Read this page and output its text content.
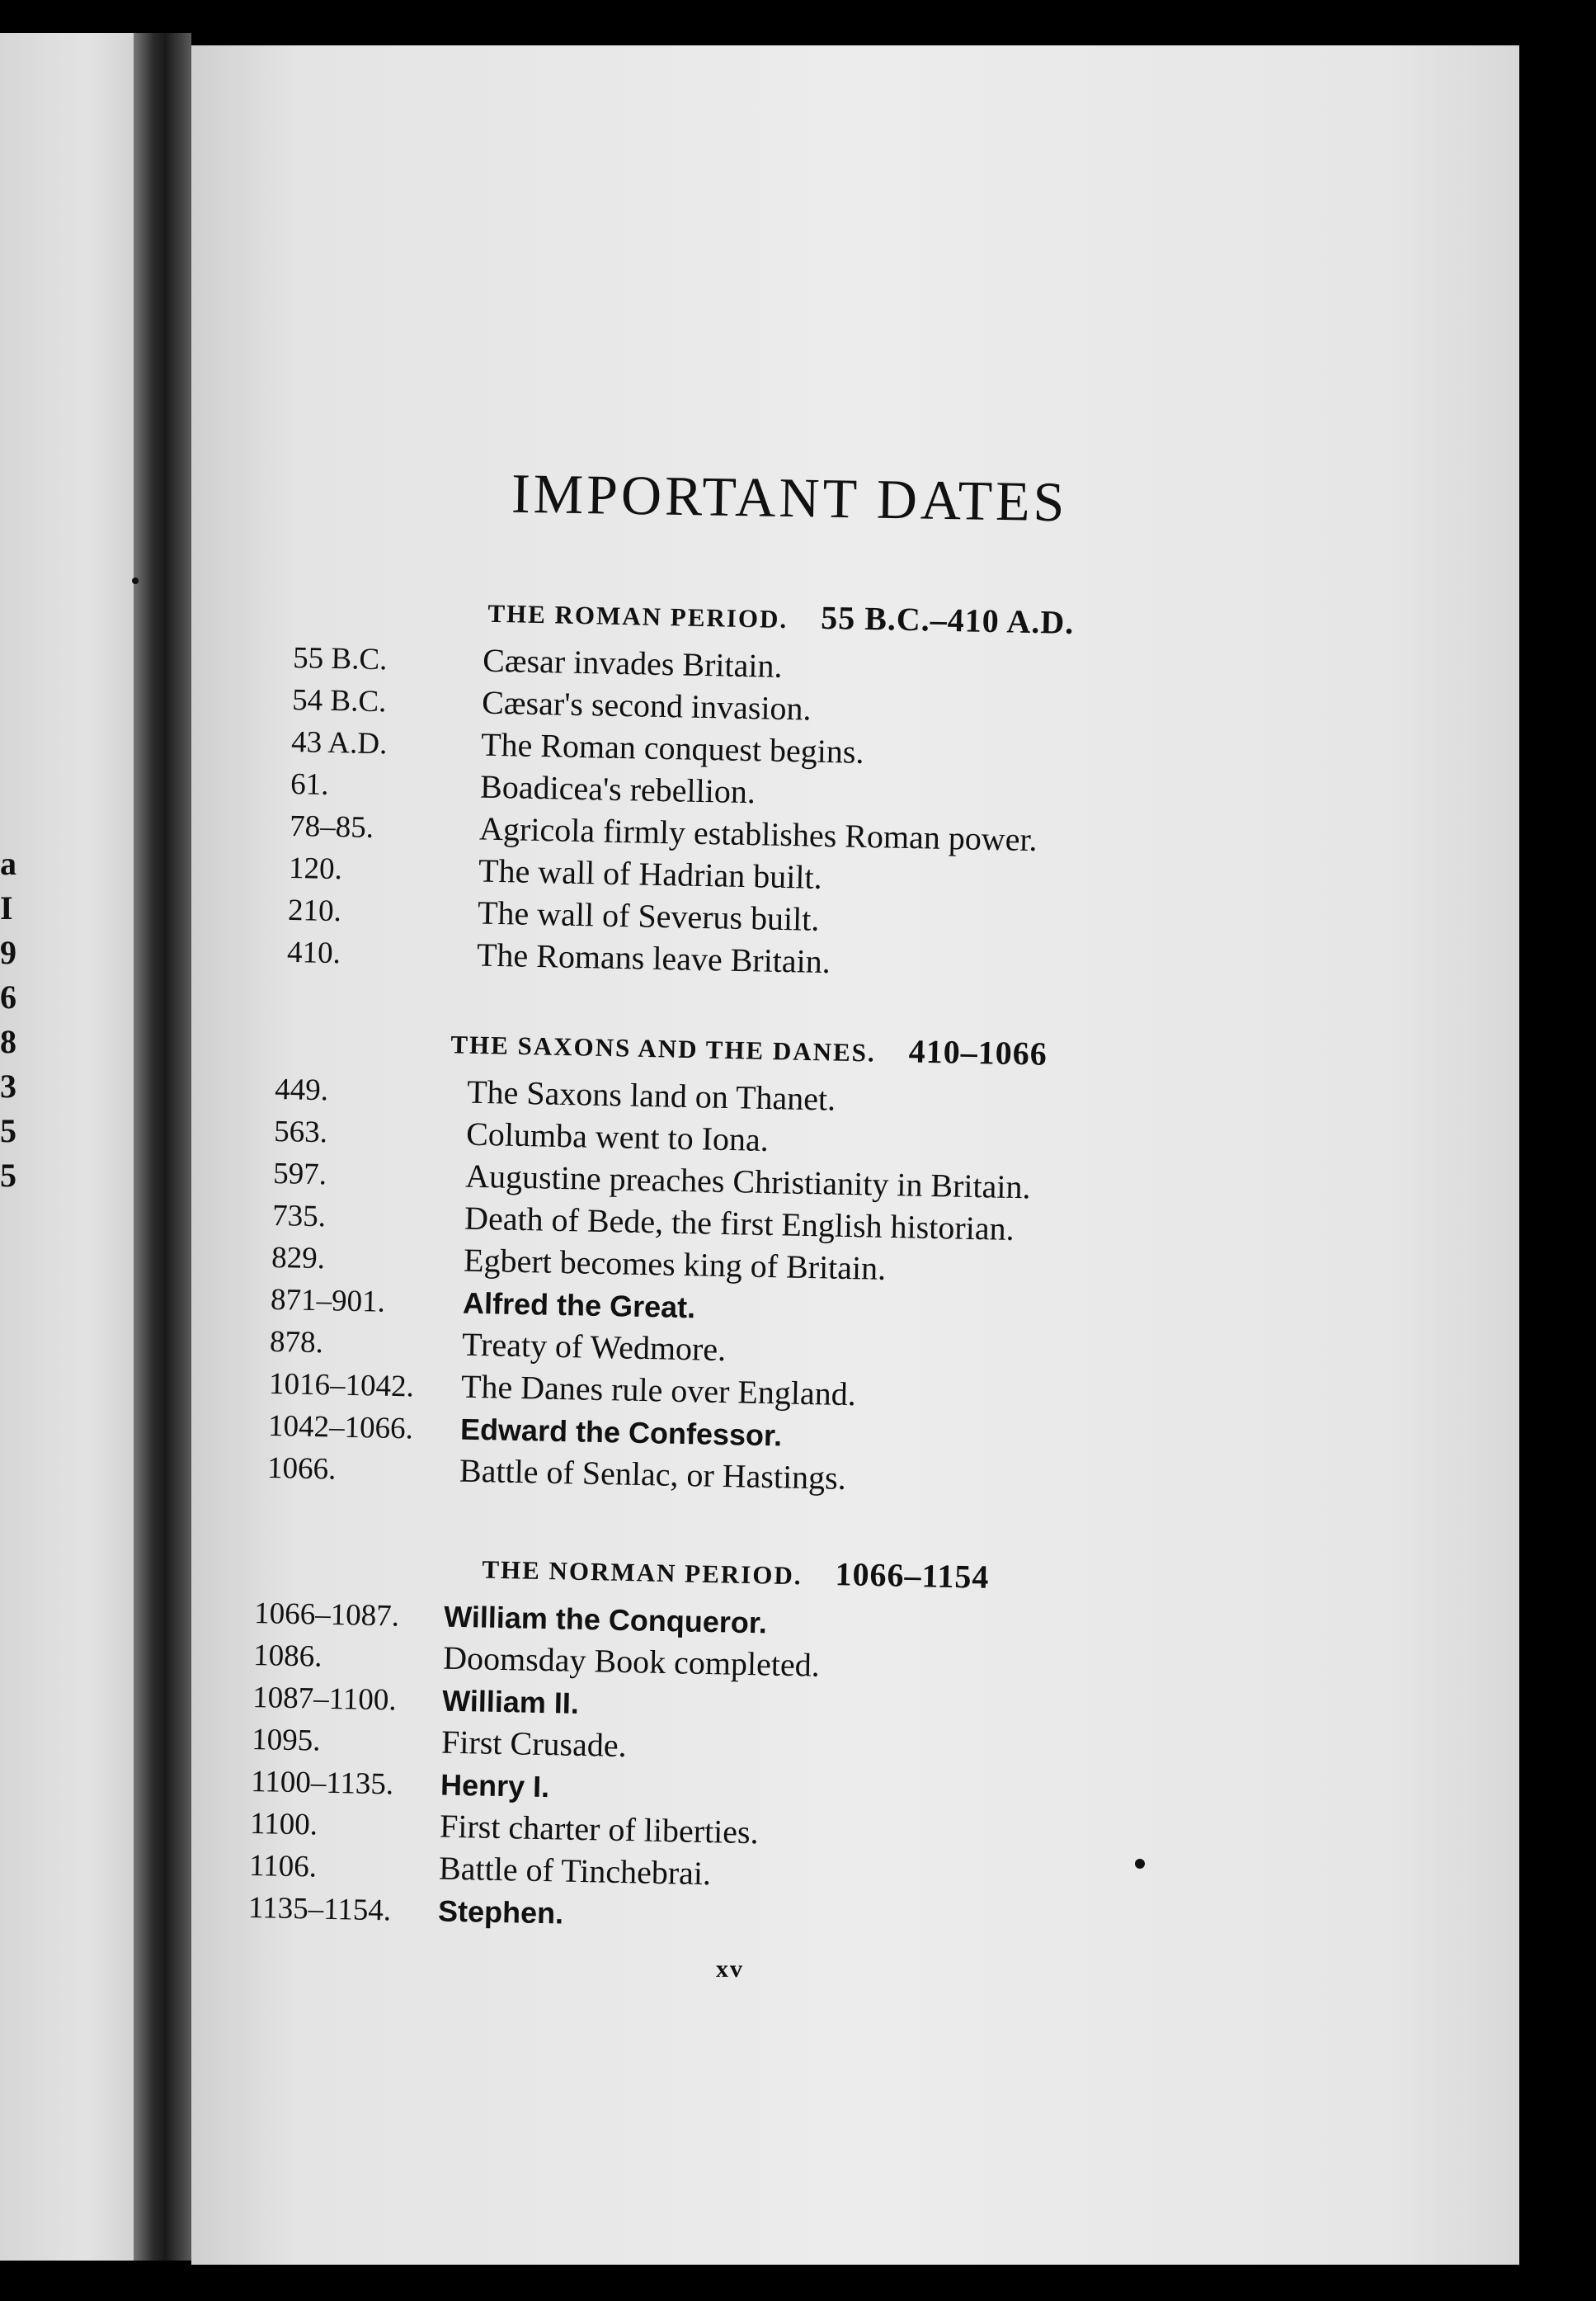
a
I
9
6
8
3
5
5
IMPORTANT DATES
THE ROMAN PERIOD. 55 B.C.–410 A.D.
55 B.C.	Cæsar invades Britain.
54 B.C.	Cæsar's second invasion.
43 A.D.	The Roman conquest begins.
61.	Boadicea's rebellion.
78–85.	Agricola firmly establishes Roman power.
120.	The wall of Hadrian built.
210.	The wall of Severus built.
410.	The Romans leave Britain.
THE SAXONS AND THE DANES. 410–1066
449.	The Saxons land on Thanet.
563.	Columba went to Iona.
597.	Augustine preaches Christianity in Britain.
735.	Death of Bede, the first English historian.
829.	Egbert becomes king of Britain.
871–901.	Alfred the Great.
878.	Treaty of Wedmore.
1016–1042. The Danes rule over England.
1042–1066. Edward the Confessor.
1066.	Battle of Senlac, or Hastings.
THE NORMAN PERIOD. 1066–1154
1066–1087. William the Conqueror.
1086.	Doomsday Book completed.
1087–1100. William II.
1095.	First Crusade.
1100–1135. Henry I.
1100.	First charter of liberties.
1106.	Battle of Tinchebrai.
1135–1154. Stephen.
xv
